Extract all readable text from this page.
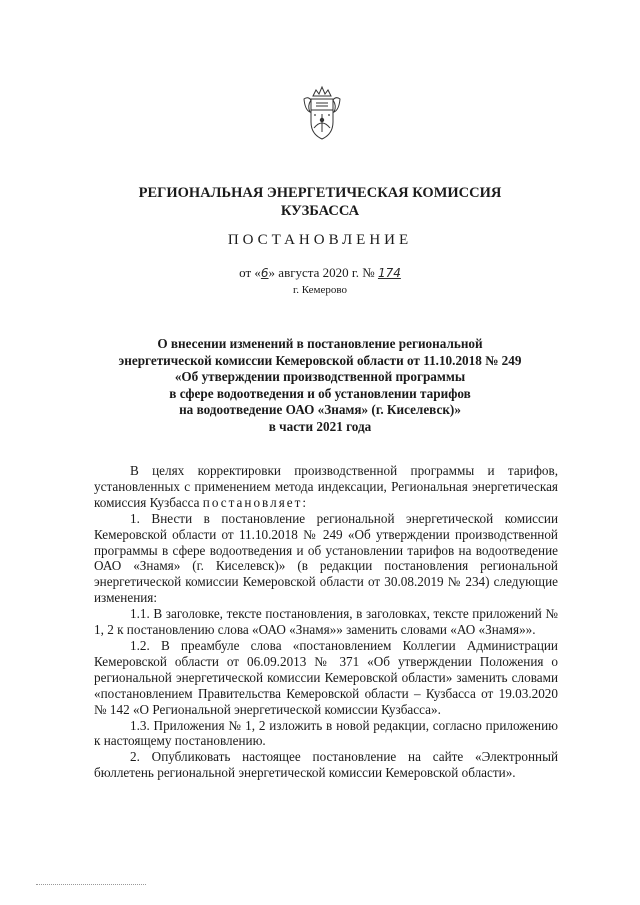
РЕГИОНАЛЬНАЯ ЭНЕРГЕТИЧЕСКАЯ КОМИССИЯ
КУЗБАССА
ПОСТАНОВЛЕНИЕ
от «6» августа 2020 г. № 174
г. Кемерово
О внесении изменений в постановление региональной
энергетической комиссии Кемеровской области от 11.10.2018 № 249
«Об утверждении производственной программы
в сфере водоотведения и об установлении тарифов
на водоотведение ОАО «Знамя» (г. Киселевск)»
в части 2021 года

В целях корректировки производственной программы и тарифов, установленных с применением метода индексации, Региональная энергетическая комиссия Кузбасса постановляет:

1. Внести в постановление региональной энергетической комиссии Кемеровской области от 11.10.2018 № 249 «Об утверждении производственной программы в сфере водоотведения и об установлении тарифов на водоотведение ОАО «Знамя» (г. Киселевск)» (в редакции постановления региональной энергетической комиссии Кемеровской области от 30.08.2019 № 234) следующие изменения:

1.1. В заголовке, тексте постановления, в заголовках, тексте приложений № 1, 2 к постановлению слова «ОАО «Знамя»» заменить словами «АО «Знамя»».

1.2. В преамбуле слова «постановлением Коллегии Администрации Кемеровской области от 06.09.2013 № 371 «Об утверждении Положения о региональной энергетической комиссии Кемеровской области» заменить словами «постановлением Правительства Кемеровской области – Кузбасса от 19.03.2020 № 142 «О Региональной энергетической комиссии Кузбасса».

1.3. Приложения № 1, 2 изложить в новой редакции, согласно приложению к настоящему постановлению.

2. Опубликовать настоящее постановление на сайте «Электронный бюллетень региональной энергетической комиссии Кемеровской области».
